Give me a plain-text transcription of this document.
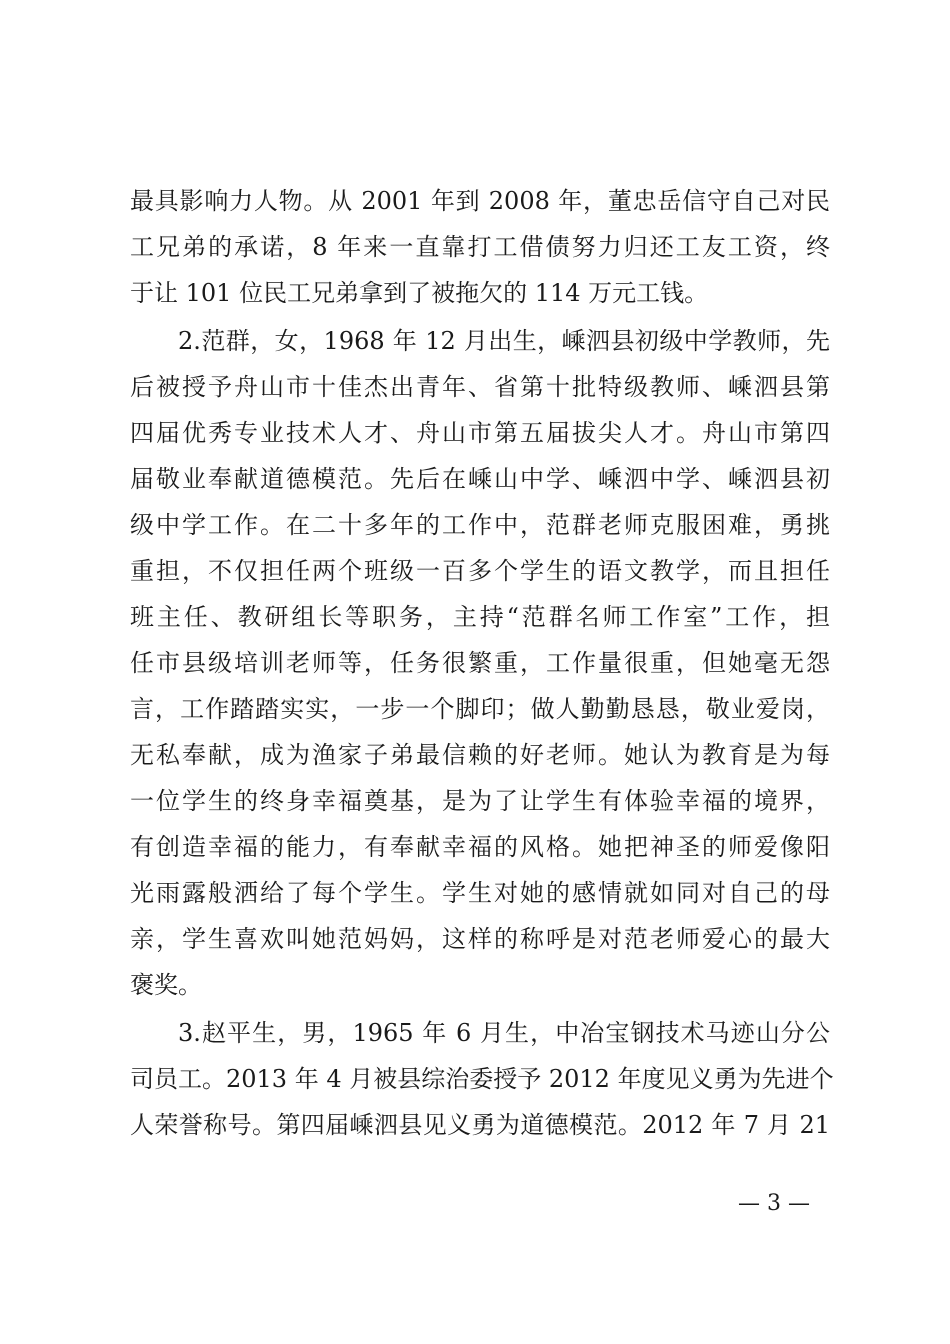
最具影响力人物。从 2001 年到 2008 年，董忠岳信守自己对民
工兄弟的承诺，8 年来一直靠打工借债努力归还工友工资，终
于让 101 位民工兄弟拿到了被拖欠的 114 万元工钱。
2.范群，女，1968 年 12 月出生，嵊泗县初级中学教师，先
后被授予舟山市十佳杰出青年、省第十批特级教师、嵊泗县第
四届优秀专业技术人才、舟山市第五届拔尖人才。舟山市第四
届敬业奉献道德模范。先后在嵊山中学、嵊泗中学、嵊泗县初
级中学工作。在二十多年的工作中，范群老师克服困难，勇挑
重担，不仅担任两个班级一百多个学生的语文教学，而且担任
班主任、教研组长等职务，主持“范群名师工作室”工作，担
任市县级培训老师等，任务很繁重，工作量很重，但她毫无怨
言，工作踏踏实实，一步一个脚印；做人勤勤恳恳，敬业爱岗，
无私奉献，成为渔家子弟最信赖的好老师。她认为教育是为每
一位学生的终身幸福奠基，是为了让学生有体验幸福的境界，
有创造幸福的能力，有奉献幸福的风格。她把神圣的师爱像阳
光雨露般洒给了每个学生。学生对她的感情就如同对自己的母
亲，学生喜欢叫她范妈妈，这样的称呼是对范老师爱心的最大
褒奖。
3.赵平生，男，1965 年 6 月生，中冶宝钢技术马迹山分公
司员工。2013 年 4 月被县综治委授予 2012 年度见义勇为先进个
人荣誉称号。第四届嵊泗县见义勇为道德模范。2012 年 7 月 21
— 3 —
